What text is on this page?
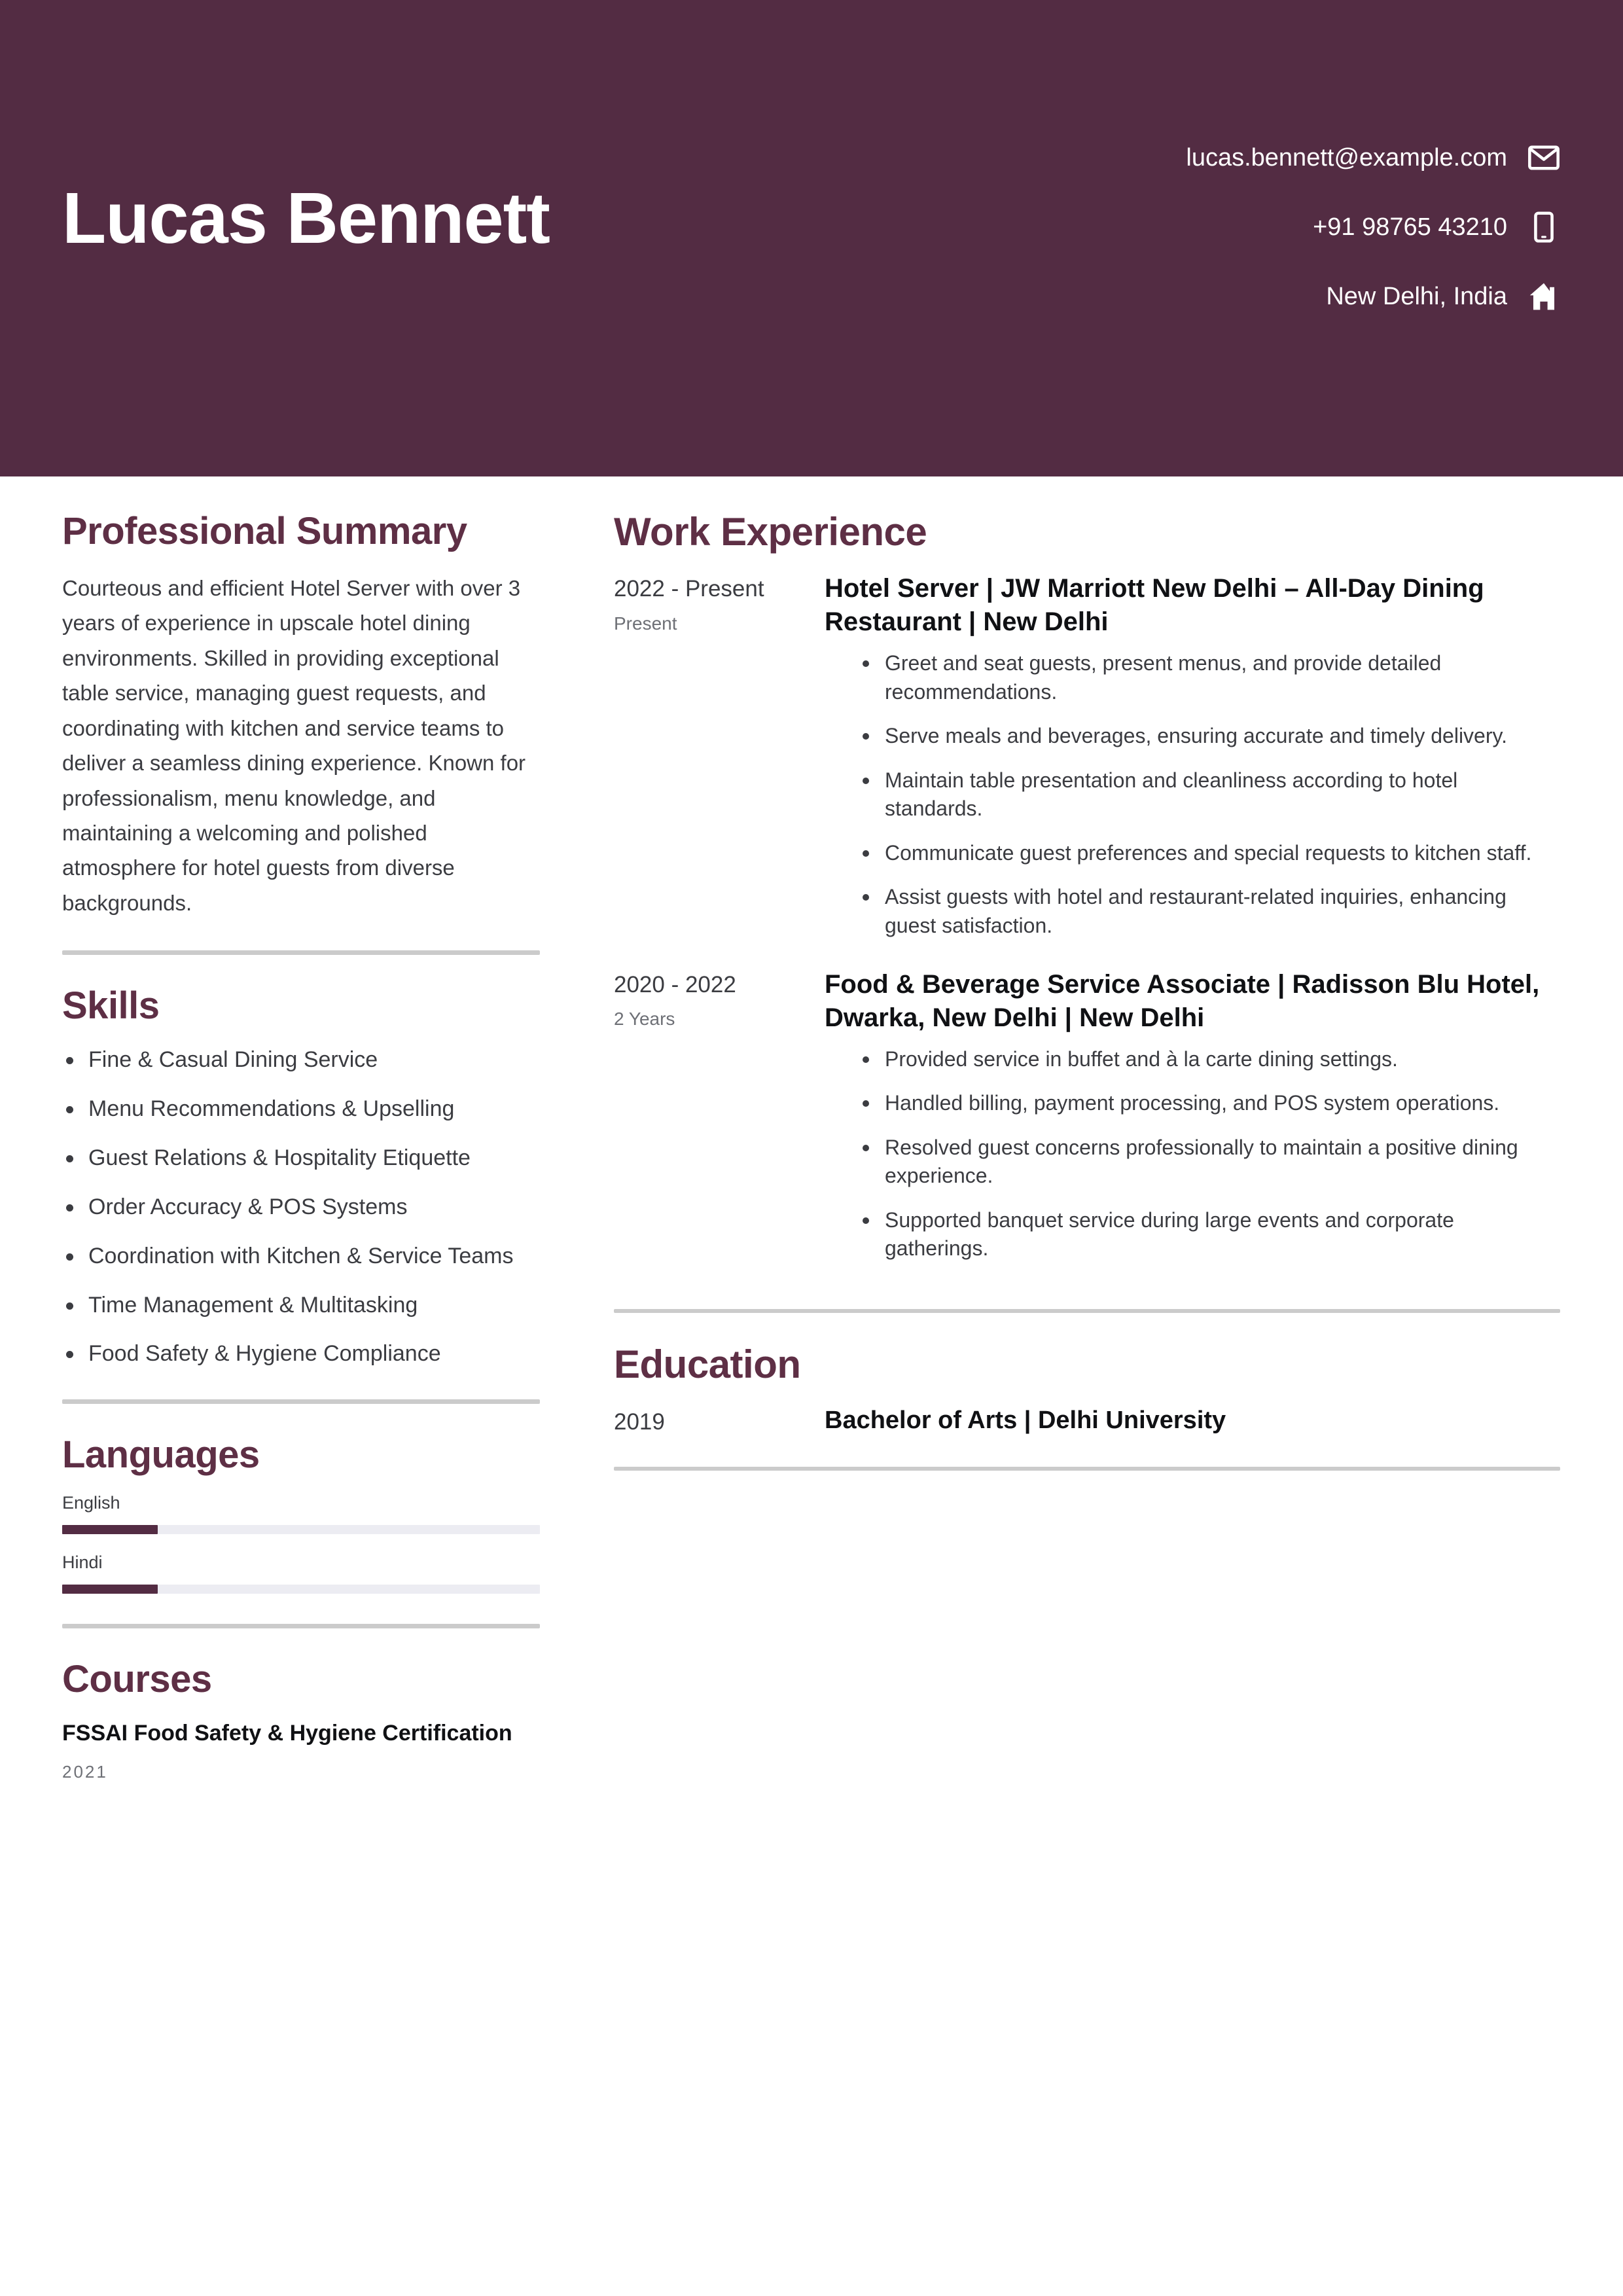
Lucas Bennett
lucas.bennett@example.com
+91 98765 43210
New Delhi, India
Professional Summary

Courteous and efficient Hotel Server with over 3 years of experience in upscale hotel dining environments. Skilled in providing exceptional table service, managing guest requests, and coordinating with kitchen and service teams to deliver a seamless dining experience. Known for professionalism, menu knowledge, and maintaining a welcoming and polished atmosphere for hotel guests from diverse backgrounds.

Skills
Fine & Casual Dining Service
Menu Recommendations & Upselling
Guest Relations & Hospitality Etiquette
Order Accuracy & POS Systems
Coordination with Kitchen & Service Teams
Time Management & Multitasking
Food Safety & Hygiene Compliance
Languages
English
Hindi
Courses
FSSAI Food Safety & Hygiene Certification
2021
Work Experience
2022 - Present
Present
Hotel Server | JW Marriott New Delhi – All-Day Dining Restaurant | New Delhi
Greet and seat guests, present menus, and provide detailed recommendations.
Serve meals and beverages, ensuring accurate and timely delivery.
Maintain table presentation and cleanliness according to hotel standards.
Communicate guest preferences and special requests to kitchen staff.
Assist guests with hotel and restaurant-related inquiries, enhancing guest satisfaction.
2020 - 2022
2 Years
Food & Beverage Service Associate | Radisson Blu Hotel, Dwarka, New Delhi | New Delhi
Provided service in buffet and à la carte dining settings.
Handled billing, payment processing, and POS system operations.
Resolved guest concerns professionally to maintain a positive dining experience.
Supported banquet service during large events and corporate gatherings.
Education
2019	Bachelor of Arts | Delhi University
